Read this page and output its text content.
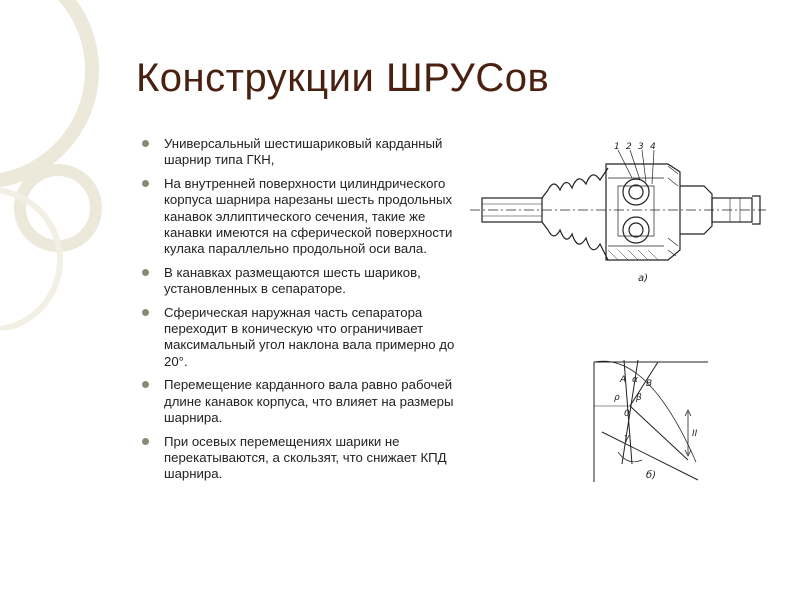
Конструкции ШРУСов
Универсальный шестишариковый карданный шарнир типа ГКН,
На внутренней поверхности цилиндрического корпуса шарнира нарезаны шесть продольных канавок эллиптического сечения, такие же канавки имеются на сферической поверхности кулака параллельно продольной оси вала.
В канавках размещаются шесть шариков, установленных в сепараторе.
Сферическая наружная часть сепаратора переходит в коническую что ограничивает максимальный угол наклона вала примерно до 20°.
Перемещение карданного вала равно рабочей длине канавок корпуса, что влияет на размеры шарнира.
При осевых перемещениях шарики не перекатываются, а скользят, что снижает КПД шарнира.
1 2 3 4
а)
A α B
0
ρ β
γ	II
б)
